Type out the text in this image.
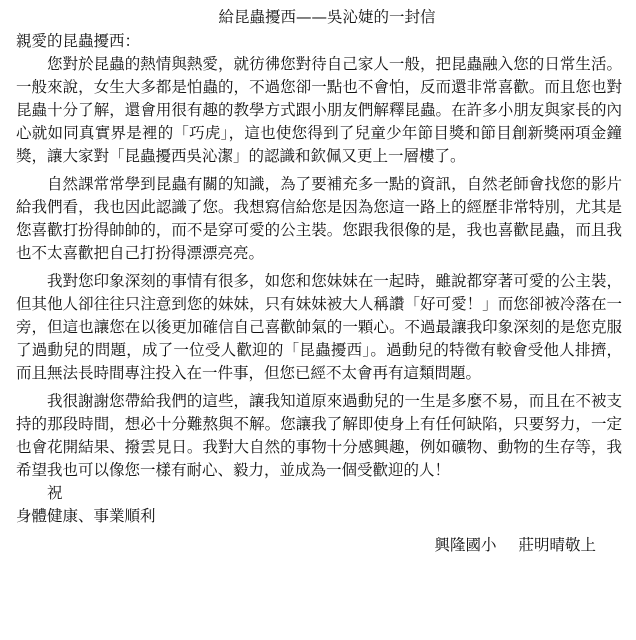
給昆蟲擾西——吳沁婕的一封信

親愛的昆蟲擾西：

您對於昆蟲的熱情與熱愛，就彷彿您對待自己家人一般，把昆蟲融入您的日常生活。一般來說，女生大多都是怕蟲的，不過您卻一點也不會怕，反而還非常喜歡。而且您也對昆蟲十分了解，還會用很有趣的教學方式跟小朋友們解釋昆蟲。在許多小朋友與家長的內心就如同真實界是裡的「巧虎」，這也使您得到了兒童少年節目獎和節目創新獎兩項金鐘獎，讓大家對「昆蟲擾西吳沁潔」的認識和欽佩又更上一層樓了。

自然課常常學到昆蟲有關的知識，為了要補充多一點的資訊，自然老師會找您的影片給我們看，我也因此認識了您。我想寫信給您是因為您這一路上的經歷非常特別，尤其是您喜歡打扮得帥帥的，而不是穿可愛的公主裝。您跟我很像的是，我也喜歡昆蟲，而且我也不太喜歡把自己打扮得漂漂亮亮。

我對您印象深刻的事情有很多，如您和您妹妹在一起時，雖說都穿著可愛的公主裝，但其他人卻往往只注意到您的妹妹，只有妹妹被大人稱讚「好可愛！」而您卻被冷落在一旁，但這也讓您在以後更加確信自己喜歡帥氣的一顆心。不過最讓我印象深刻的是您克服了過動兒的問題，成了一位受人歡迎的「昆蟲擾西」。過動兒的特徵有較會受他人排擠，而且無法長時間專注投入在一件事，但您已經不太會再有這類問題。

我很謝謝您帶給我們的這些，讓我知道原來過動兒的一生是多麼不易，而且在不被支持的那段時間，想必十分難熬與不解。您讓我了解即使身上有任何缺陷，只要努力，一定也會花開結果、撥雲見日。我對大自然的事物十分感興趣，例如礦物、動物的生存等，我希望我也可以像您一樣有耐心、毅力，並成為一個受歡迎的人！

祝

身體健康、事業順利

興隆國小 莊明晴敬上
